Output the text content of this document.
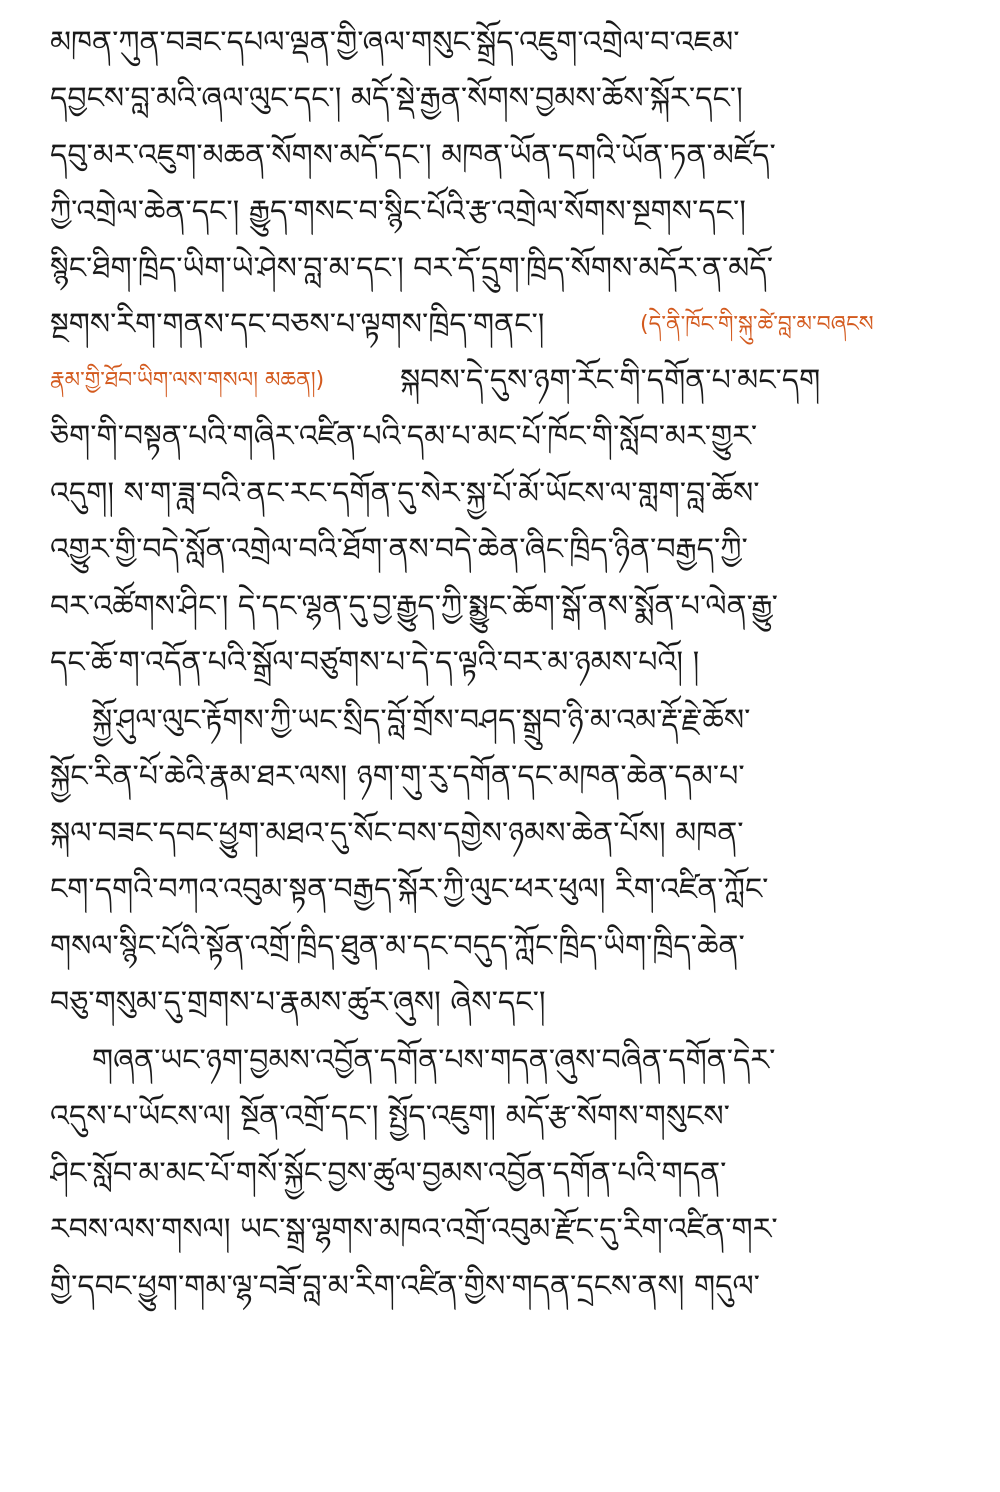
མཁན་ཀུན་བཟང་དཔལ་ལྡན་གྱི་ཞལ་གསུང་སྒྲོད་འཇུག་འགྲེལ་བ་འཇམ་
དབྱངས་བླ་མའི་ཞལ་ལུང་དང་། མདོ་སྡེ་རྒྱན་སོགས་བྱམས་ཆོས་སྐོར་དང་།
དབུ་མར་འཇུག་མཆན་སོགས་མདོ་དང་། མཁན་ཡོན་དགའི་ཡོན་ཏན་མཛོད་
ཀྱི་འགྲེལ་ཆེན་དང་། རྒྱུད་གསང་བ་སྙིང་པོའི་རྩ་འགྲེལ་སོགས་སྔགས་དང་།
སྙིང་ཐིག་ཁྲིད་ཡིག་ཡེ་ཤེས་བླ་མ་དང་། བར་དོ་དྲུག་ཁྲིད་སོགས་མདོར་ན་མདོ་
སྔགས་རིག་གནས་དང་བཅས་པ་ལྟགས་ཁྲིད་གནང་།	(དེ་ནི་ཁོང་གི་སྐུ་ཚེ་བླ་མ་བཞངས
རྣམ་གྱི་ཐོབ་ཡིག་ལས་གསལ། མཆན།)	སྐབས་དེ་དུས་ཉག་རོང་གི་དགོན་པ་མང་དག
ཅིག་གི་བསྟན་པའི་གཞིར་འཛིན་པའི་དམ་པ་མང་པོ་ཁོང་གི་སློབ་མར་གྱུར་
འདུག། ས་ག་ཟླ་བའི་ནང་རང་དགོན་དུ་སེར་སྐྱ་པོ་མོ་ཡོངས་ལ་གླག་བླ་ཆོས་
འགྱུར་གྱི་བདེ་སློན་འགྲེལ་བའི་ཐོག་ནས་བདེ་ཆེན་ཞིང་ཁྲིད་ཉིན་བརྒྱད་ཀྱི་
བར་འཚོགས་ཤིང་། དེ་དང་ལྷན་དུ་བྱ་རྒྱུད་ཀྱི་སྨྱུང་ཆོག་སྒོ་ནས་སྨོན་པ་ལེན་རྒྱུ་
དང་ཆོ་ག་འདོན་པའི་སྒྲོལ་བཙུགས་པ་དེ་ད་ལྟའི་བར་མ་ཉམས་པའོ། །
སྐྱོ་ཤུལ་ལུང་རྟོགས་ཀྱི་ཡང་སྲིད་བློ་གྲོས་བཤད་སྒྲུབ་ཉི་མ་འམ་རྡོ་རྗེ་ཆོས་
སྐྱོང་རིན་པོ་ཆེའི་རྣམ་ཐར་ལས། ཉག་གུ་རུ་དགོན་དང་མཁན་ཆེན་དམ་པ་
སྐལ་བཟང་དབང་ཕྱུག་མཐའ་དུ་སོང་བས་དགྱེས་ཉམས་ཆེན་པོས། མཁན་
ངག་དགའི་བཀའ་འབུམ་སྟན་བརྒྱད་སྐོར་ཀྱི་ལུང་ཕར་ཕུལ། རིག་འཛིན་ཀློང་
གསལ་སྙིང་པོའི་སྟོན་འགྲོ་ཁྲིད་ཐུན་མ་དང་བདུད་ཀློང་ཁྲིད་ཡིག་ཁྲིད་ཆེན་
བཅུ་གསུམ་དུ་གྲགས་པ་རྣམས་ཚུར་ཞུས། ཞེས་དང་།
གཞན་ཡང་ཉག་བྱམས་འབྱོན་དགོན་པས་གདན་ཞུས་བཞིན་དགོན་དེར་
འདུས་པ་ཡོངས་ལ། སྔོན་འགྲོ་དང་། སྤྱོད་འཇུག། མདོ་རྩ་སོགས་གསུངས་
ཤིང་སློབ་མ་མང་པོ་གསོ་སྐྱོང་བྱས་ཚུལ་བྱམས་འབྱོན་དགོན་པའི་གདན་
རབས་ལས་གསལ། ཡང་སྒྲ་ལྷགས་མཁའ་འགྲོ་འབུམ་རྫོང་དུ་རིག་འཛིན་གར་
གྱི་དབང་ཕྱུག་གམ་ལྷ་བཟོ་བླ་མ་རིག་འཛིན་གྱིས་གདན་དྲངས་ནས། གདུལ་
